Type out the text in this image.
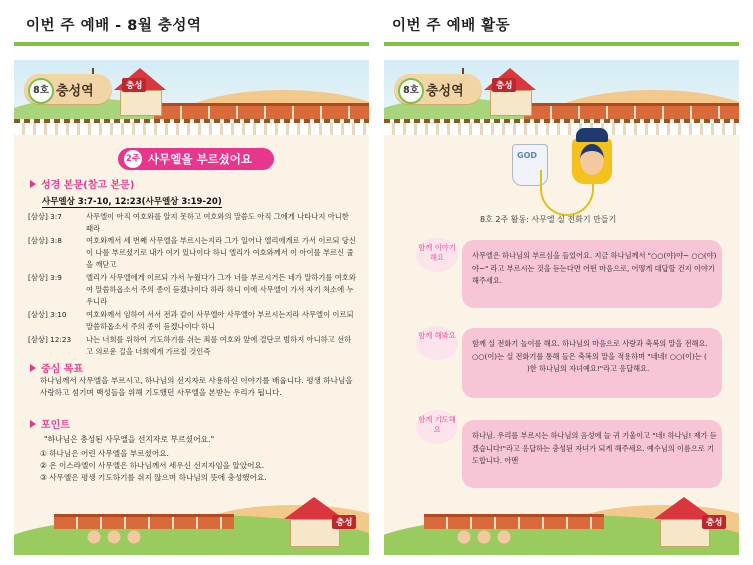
이번 주 예배 - 8월 충성역	이번 주 예배 활동
충성
8호 충성역
2주 사무엘을 부르셨어요
성경 본문(참고 본문)
사무엘상 3:7-10, 12:23(사무엘상 3:19-20)
[삼상] 3:7	사무엘이 아직 여호와를 알지 못하고 여호와의 말씀도 아직 그에게 나타나지 아니한 때라
[삼상] 3:8	여호와께서 세 번째 사무엘을 부르시는지라 그가 일어나 엘리에게로 가서 이르되 당신이 나를 부르셨기로 내가 여기 있나이다 하니 엘리가 여호와께서 이 아이를 부르신 줄을 깨닫고
[삼상] 3:9	엘리가 사무엘에게 이르되 가서 누웠다가 그가 너를 부르시거든 네가 말하기를 여호와여 말씀하옵소서 주의 종이 듣겠나이다 하라 하니 이에 사무엘이 가서 자기 처소에 누우니라
[삼상] 3:10	여호와께서 임하여 서서 전과 같이 사무엘아 사무엘아 부르시는지라 사무엘이 이르되 말씀하옵소서 주의 종이 듣겠나이다 하니
[삼상] 12:23	나는 너희를 위하여 기도하기를 쉬는 죄를 여호와 앞에 결단코 범하지 아니하고 선하고 의로운 길을 너희에게 가르칠 것인즉
중심 목표
하나님께서 사무엘을 부르시고, 하나님의 선지자로 사용하신 이야기를 배웁니다. 평생 하나님을 사랑하고 섬기며 백성들을 위해 기도했던 사무엘을 본받는 우리가 됩니다.
포인트
"하나님은 충성된 사무엘을 선지자로 부르셨어요."
① 하나님은 어린 사무엘을 부르셨어요.
② 온 이스라엘이 사무엘은 하나님께서 세우신 선지자임을 알았어요.
③ 사무엘은 평생 기도하기를 쉬지 않으며 하나님의 뜻에 충성했어요.
충성
충성
8호 충성역
GOD
8호 2주 활동: 사무엘 실 전화기 만들기
함께 이야기 해요	사무엘은 하나님의 부르심을 들었어요. 지금 하나님께서 "○○(야)야~ ○○(야)야~" 라고 부르시는 것을 듣는다면 어떤 마음으로, 어떻게 대답할 건지 이야기해주세요.
함께 해봐요
함께 실 전화기 놀이를 해요. 하나님의 마음으로 사랑과 축복의 말을 전해요. ○○(이)는 실 전화기를 통해 들은 축복의 말을 적용하며 "네네! ○○(이)는 ()한 하나님의 자녀예요!"라고 응답해요.
함께 기도해요
하나님. 우리를 부르시는 하나님의 음성에 늘 귀 기울이고 "네! 하나님! 제가 듣겠습니다!"라고 응답하는 충성된 자녀가 되게 해주세요. 예수님의 이름으로 기도합니다. 아멘
충성
